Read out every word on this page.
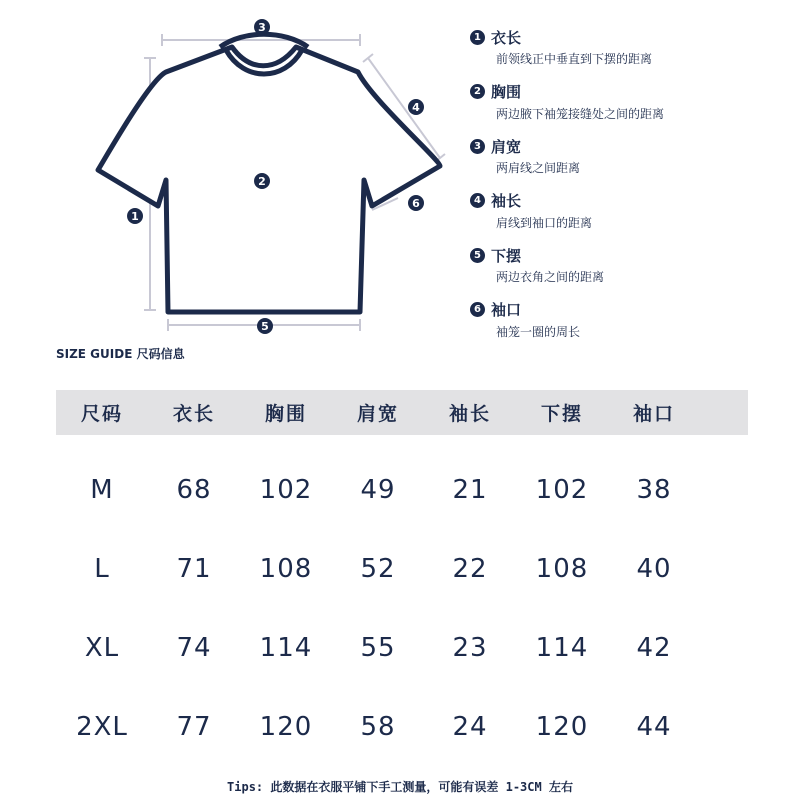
3
4
2
6
1
5
1 衣长
前领线正中垂直到下摆的距离
2 胸围
两边腋下袖笼接缝处之间的距离
3 肩宽
两肩线之间距离
4 袖长
肩线到袖口的距离
5 下摆
两边衣角之间的距离
6 袖口
袖笼一圈的周长
SIZE GUIDE 尺码信息
尺码	衣长	胸围	肩宽	袖长	下摆	袖口
M	68	102	49	21	102	38
L	71	108	52	22	108	40
XL	74	114	55	23	114	42
2XL	77	120	58	24	120	44
Tips: 此数据在衣服平铺下手工测量，可能有误差 1-3CM 左右
